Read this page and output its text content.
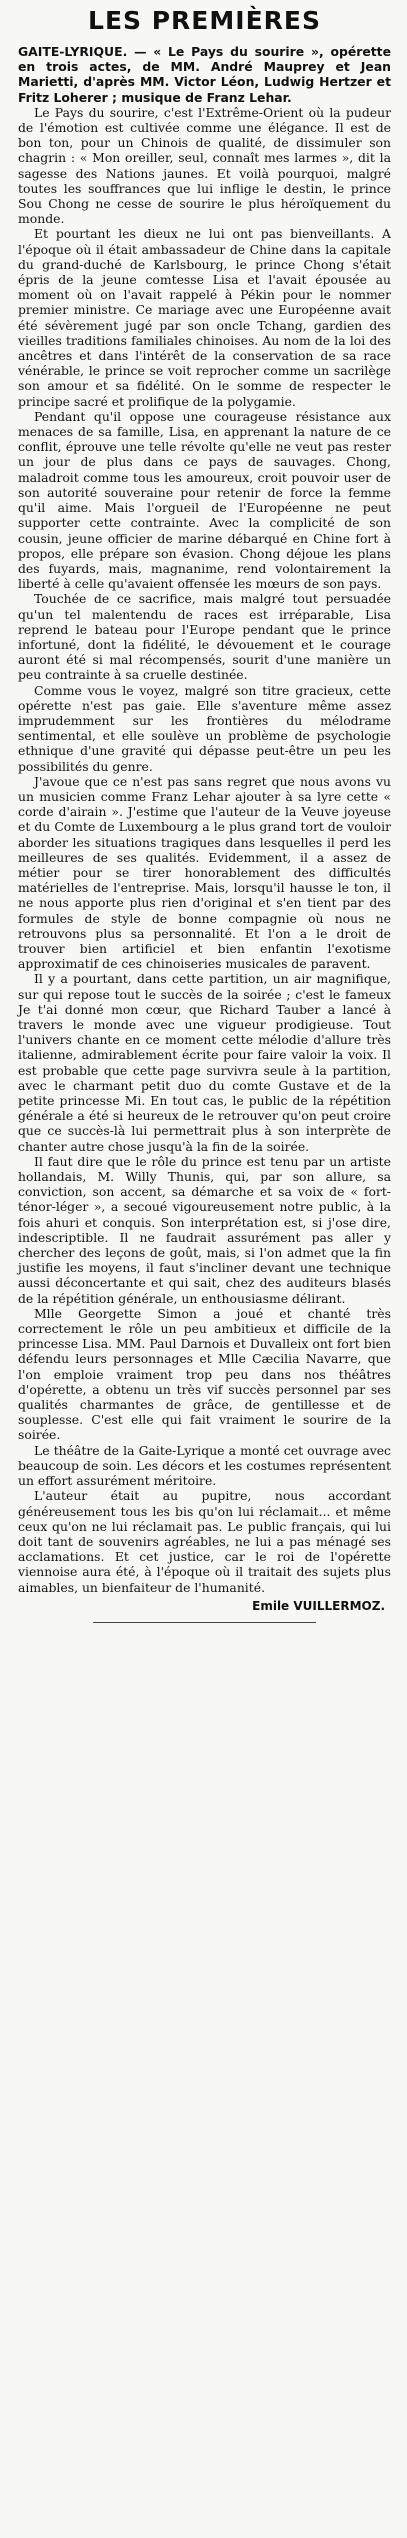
LES PREMIÈRES

GAITE-LYRIQUE. — « Le Pays du sourire », opérette en trois actes, de MM. André Mauprey et Jean Marietti, d'après MM. Victor Léon, Ludwig Hertzer et Fritz Loherer ; musique de Franz Lehar.

Le Pays du sourire, c'est l'Extrême-Orient où la pudeur de l'émotion est cultivée comme une élégance. Il est de bon ton, pour un Chinois de qualité, de dissimuler son chagrin : « Mon oreiller, seul, connaît mes larmes », dit la sagesse des Nations jaunes. Et voilà pourquoi, malgré toutes les souffrances que lui inflige le destin, le prince Sou Chong ne cesse de sourire le plus héroïquement du monde.

Et pourtant les dieux ne lui ont pas bienveillants. A l'époque où il était ambassadeur de Chine dans la capitale du grand-duché de Karlsbourg, le prince Chong s'était épris de la jeune comtesse Lisa et l'avait épousée au moment où on l'avait rappelé à Pékin pour le nommer premier ministre. Ce mariage avec une Européenne avait été sévèrement jugé par son oncle Tchang, gardien des vieilles traditions familiales chinoises. Au nom de la loi des ancêtres et dans l'intérêt de la conservation de sa race vénérable, le prince se voit reprocher comme un sacrilège son amour et sa fidélité. On le somme de respecter le principe sacré et prolifique de la polygamie.

Pendant qu'il oppose une courageuse résistance aux menaces de sa famille, Lisa, en apprenant la nature de ce conflit, éprouve une telle révolte qu'elle ne veut pas rester un jour de plus dans ce pays de sauvages. Chong, maladroit comme tous les amoureux, croit pouvoir user de son autorité souveraine pour retenir de force la femme qu'il aime. Mais l'orgueil de l'Européenne ne peut supporter cette contrainte. Avec la complicité de son cousin, jeune officier de marine débarqué en Chine fort à propos, elle prépare son évasion. Chong déjoue les plans des fuyards, mais, magnanime, rend volontairement la liberté à celle qu'avaient offensée les mœurs de son pays.

Touchée de ce sacrifice, mais malgré tout persuadée qu'un tel malentendu de races est irréparable, Lisa reprend le bateau pour l'Europe pendant que le prince infortuné, dont la fidélité, le dévouement et le courage auront été si mal récompensés, sourit d'une manière un peu contrainte à sa cruelle destinée.

Comme vous le voyez, malgré son titre gracieux, cette opérette n'est pas gaie. Elle s'aventure même assez imprudemment sur les frontières du mélodrame sentimental, et elle soulève un problème de psychologie ethnique d'une gravité qui dépasse peut-être un peu les possibilités du genre.

J'avoue que ce n'est pas sans regret que nous avons vu un musicien comme Franz Lehar ajouter à sa lyre cette « corde d'airain ». J'estime que l'auteur de la Veuve joyeuse et du Comte de Luxembourg a le plus grand tort de vouloir aborder les situations tragiques dans lesquelles il perd les meilleures de ses qualités. Evidemment, il a assez de métier pour se tirer honorablement des difficultés matérielles de l'entreprise. Mais, lorsqu'il hausse le ton, il ne nous apporte plus rien d'original et s'en tient par des formules de style de bonne compagnie où nous ne retrouvons plus sa personnalité. Et l'on a le droit de trouver bien artificiel et bien enfantin l'exotisme approximatif de ces chinoiseries musicales de paravent.

Il y a pourtant, dans cette partition, un air magnifique, sur qui repose tout le succès de la soirée ; c'est le fameux Je t'ai donné mon cœur, que Richard Tauber a lancé à travers le monde avec une vigueur prodigieuse. Tout l'univers chante en ce moment cette mélodie d'allure très italienne, admirablement écrite pour faire valoir la voix. Il est probable que cette page survivra seule à la partition, avec le charmant petit duo du comte Gustave et de la petite princesse Mi. En tout cas, le public de la répétition générale a été si heureux de le retrouver qu'on peut croire que ce succès-là lui permettrait plus à son interprète de chanter autre chose jusqu'à la fin de la soirée.

Il faut dire que le rôle du prince est tenu par un artiste hollandais, M. Willy Thunis, qui, par son allure, sa conviction, son accent, sa démarche et sa voix de « fort-ténor-léger », a secoué vigoureusement notre public, à la fois ahuri et conquis. Son interprétation est, si j'ose dire, indescriptible. Il ne faudrait assurément pas aller y chercher des leçons de goût, mais, si l'on admet que la fin justifie les moyens, il faut s'incliner devant une technique aussi déconcertante et qui sait, chez des auditeurs blasés de la répétition générale, un enthousiasme délirant.

Mlle Georgette Simon a joué et chanté très correctement le rôle un peu ambitieux et difficile de la princesse Lisa. MM. Paul Darnois et Duvalleix ont fort bien défendu leurs personnages et Mlle Cæcilia Navarre, que l'on emploie vraiment trop peu dans nos théâtres d'opérette, a obtenu un très vif succès personnel par ses qualités charmantes de grâce, de gentillesse et de souplesse. C'est elle qui fait vraiment le sourire de la soirée.

Le théâtre de la Gaite-Lyrique a monté cet ouvrage avec beaucoup de soin. Les décors et les costumes représentent un effort assurément méritoire.

L'auteur était au pupitre, nous accordant généreusement tous les bis qu'on lui réclamait... et même ceux qu'on ne lui réclamait pas. Le public français, qui lui doit tant de souvenirs agréables, ne lui a pas ménagé ses acclamations. Et cet justice, car le roi de l'opérette viennoise aura été, à l'époque où il traitait des sujets plus aimables, un bienfaiteur de l'humanité.

Emile VUILLERMOZ.
